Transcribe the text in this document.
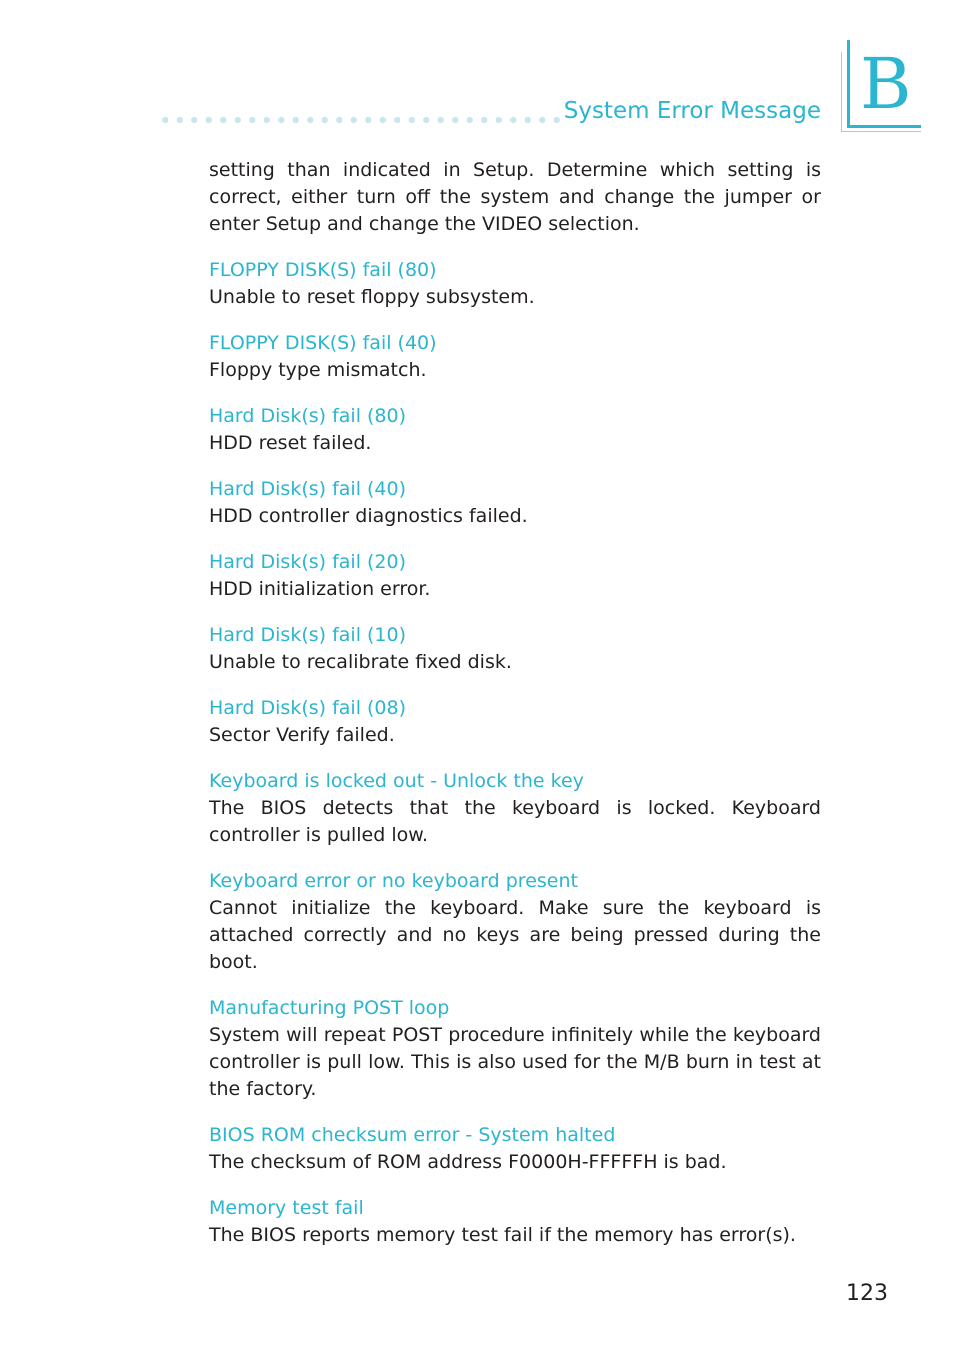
System Error Message B

setting than indicated in Setup. Determine which setting is correct, either turn off the system and change the jumper or enter Setup and change the VIDEO selection.

FLOPPY DISK(S) fail (80)

Unable to reset floppy subsystem.

FLOPPY DISK(S) fail (40)

Floppy type mismatch.

Hard Disk(s) fail (80)

HDD reset failed.

Hard Disk(s) fail (40)

HDD controller diagnostics failed.

Hard Disk(s) fail (20)

HDD initialization error.

Hard Disk(s) fail (10)

Unable to recalibrate fixed disk.

Hard Disk(s) fail (08)

Sector Verify failed.

Keyboard is locked out - Unlock the key

The BIOS detects that the keyboard is locked. Keyboard controller is pulled low.

Keyboard error or no keyboard present

Cannot initialize the keyboard. Make sure the keyboard is attached correctly and no keys are being pressed during the boot.

Manufacturing POST loop

System will repeat POST procedure infinitely while the keyboard controller is pull low. This is also used for the M/B burn in test at the factory.

BIOS ROM checksum error - System halted

The checksum of ROM address F0000H-FFFFFH is bad.

Memory test fail

The BIOS reports memory test fail if the memory has error(s).

123
